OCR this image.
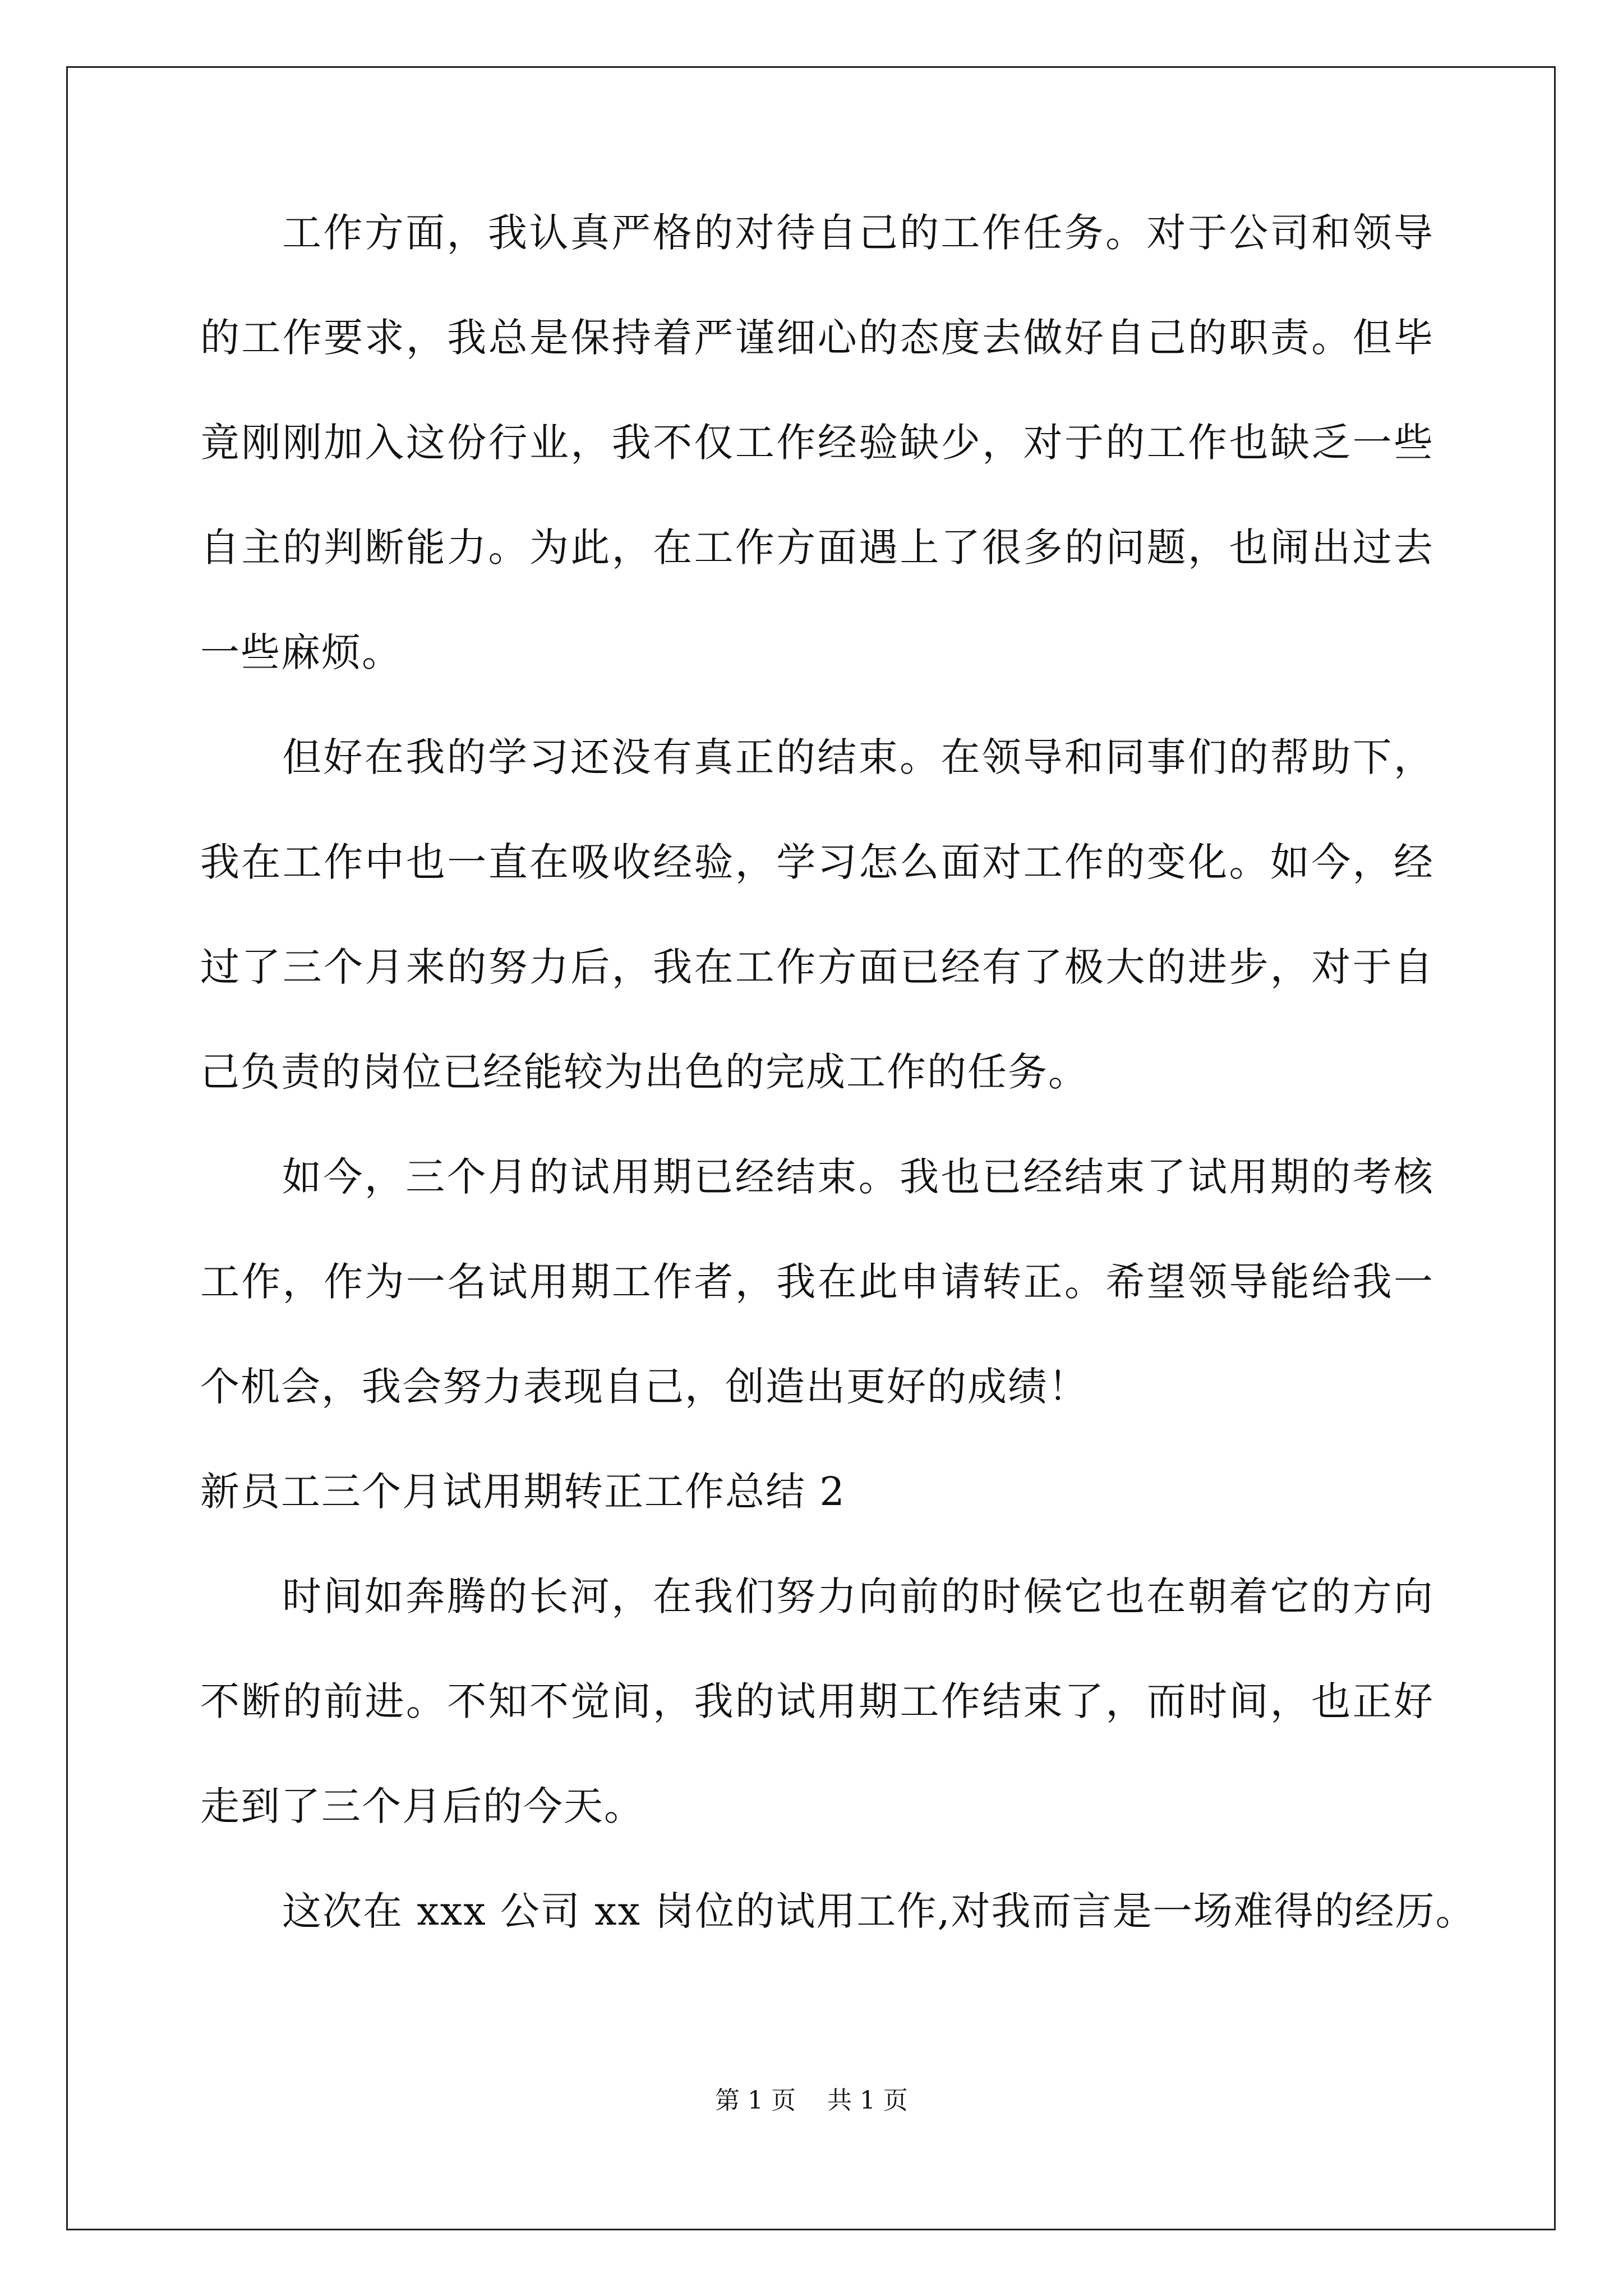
工作方面，我认真严格的对待自己的工作任务。对于公司和领导
的工作要求，我总是保持着严谨细心的态度去做好自己的职责。但毕
竟刚刚加入这份行业，我不仅工作经验缺少，对于的工作也缺乏一些
自主的判断能力。为此，在工作方面遇上了很多的问题，也闹出过去
一些麻烦。
但好在我的学习还没有真正的结束。在领导和同事们的帮助下，
我在工作中也一直在吸收经验，学习怎么面对工作的变化。如今，经
过了三个月来的努力后，我在工作方面已经有了极大的进步，对于自
己负责的岗位已经能较为出色的完成工作的任务。
如今，三个月的试用期已经结束。我也已经结束了试用期的考核
工作，作为一名试用期工作者，我在此申请转正。希望领导能给我一
个机会，我会努力表现自己，创造出更好的成绩！
新员工三个月试用期转正工作总结 2
时间如奔腾的长河，在我们努力向前的时候它也在朝着它的方向
不断的前进。不知不觉间，我的试用期工作结束了，而时间，也正好
走到了三个月后的今天。
这次在 xxx 公司 xx 岗位的试用工作,对我而言是一场难得的经历。
第 1 页    共 1 页
